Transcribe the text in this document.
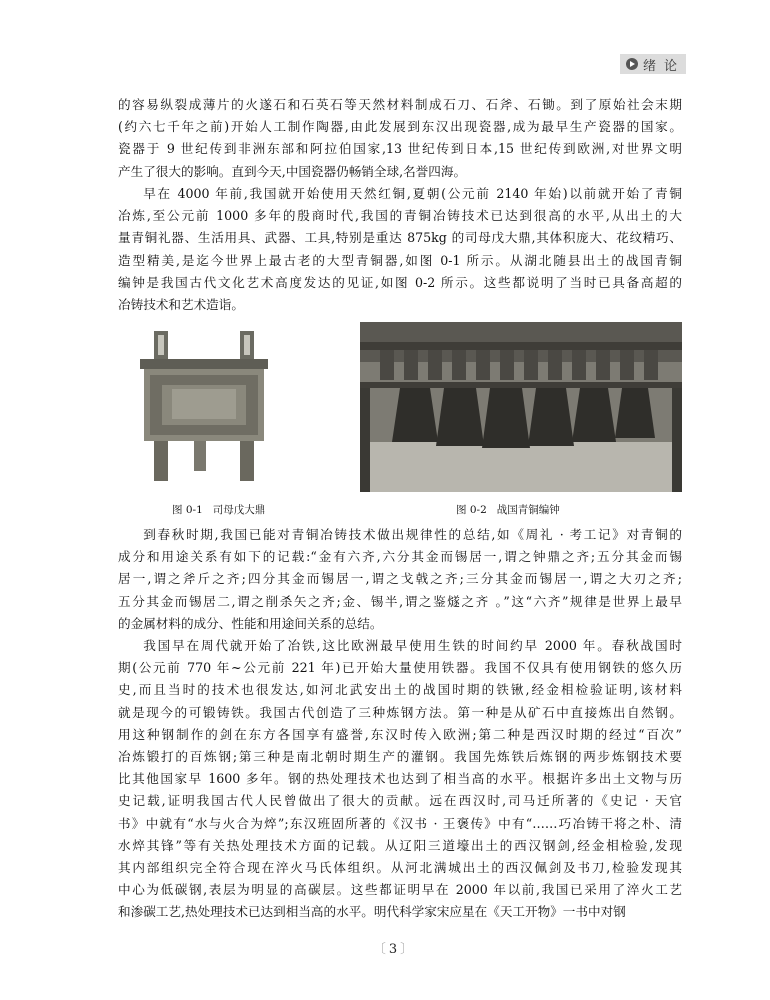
绪论
的容易纵裂成薄片的火遂石和石英石等天然材料制成石刀、石斧、石锄。到了原始社会末期
(约六七千年之前)开始人工制作陶器,由此发展到东汉出现瓷器,成为最早生产瓷器的国家。
瓷器于 9 世纪传到非洲东部和阿拉伯国家,13 世纪传到日本,15 世纪传到欧洲,对世界文明
产生了很大的影响。直到今天,中国瓷器仍畅销全球,名誉四海。
早在 4000 年前,我国就开始使用天然红铜,夏朝(公元前 2140 年始)以前就开始了青铜
冶炼,至公元前 1000 多年的殷商时代,我国的青铜冶铸技术已达到很高的水平,从出土的大
量青铜礼器、生活用具、武器、工具,特别是重达 875kg 的司母戊大鼎,其体积庞大、花纹精巧、
造型精美,是迄今世界上最古老的大型青铜器,如图 0-1 所示。从湖北随县出土的战国青铜
编钟是我国古代文化艺术高度发达的见证,如图 0-2 所示。这些都说明了当时已具备高超的
冶铸技术和艺术造诣。
图 0-1 司母戊大鼎	图 0-2 战国青铜编钟
到春秋时期,我国已能对青铜冶铸技术做出规律性的总结,如《周礼 · 考工记》对青铜的
成分和用途关系有如下的记载:“金有六齐,六分其金而锡居一,谓之钟鼎之齐;五分其金而锡
居一,谓之斧斤之齐;四分其金而锡居一,谓之戈戟之齐;三分其金而锡居一,谓之大刃之齐;
五分其金而锡居二,谓之削杀矢之齐;金、锡半,谓之鉴燧之齐 。”这“六齐”规律是世界上最早
的金属材料的成分、性能和用途间关系的总结。
我国早在周代就开始了冶铁,这比欧洲最早使用生铁的时间约早 2000 年。春秋战国时
期(公元前 770 年~公元前 221 年)已开始大量使用铁器。我国不仅具有使用钢铁的悠久历
史,而且当时的技术也很发达,如河北武安出土的战国时期的铁锹,经金相检验证明,该材料
就是现今的可锻铸铁。我国古代创造了三种炼钢方法。第一种是从矿石中直接炼出自然钢。
用这种钢制作的剑在东方各国享有盛誉,东汉时传入欧洲;第二种是西汉时期的经过“百次”
冶炼锻打的百炼钢;第三种是南北朝时期生产的灌钢。我国先炼铁后炼钢的两步炼钢技术要
比其他国家早 1600 多年。钢的热处理技术也达到了相当高的水平。根据许多出土文物与历
史记载,证明我国古代人民曾做出了很大的贡献。远在西汉时,司马迁所著的《史记 · 天官
书》中就有“水与火合为焠”;东汉班固所著的《汉书 · 王褒传》中有“……巧冶铸干将之朴、清
水焠其锋”等有关热处理技术方面的记载。从辽阳三道壕出土的西汉钢剑,经金相检验,发现
其内部组织完全符合现在淬火马氏体组织。从河北满城出土的西汉佩剑及书刀,检验发现其
中心为低碳钢,表层为明显的高碳层。这些都证明早在 2000 年以前,我国已采用了淬火工艺
和渗碳工艺,热处理技术已达到相当高的水平。明代科学家宋应星在《天工开物》一书中对钢
〔 3 〕
